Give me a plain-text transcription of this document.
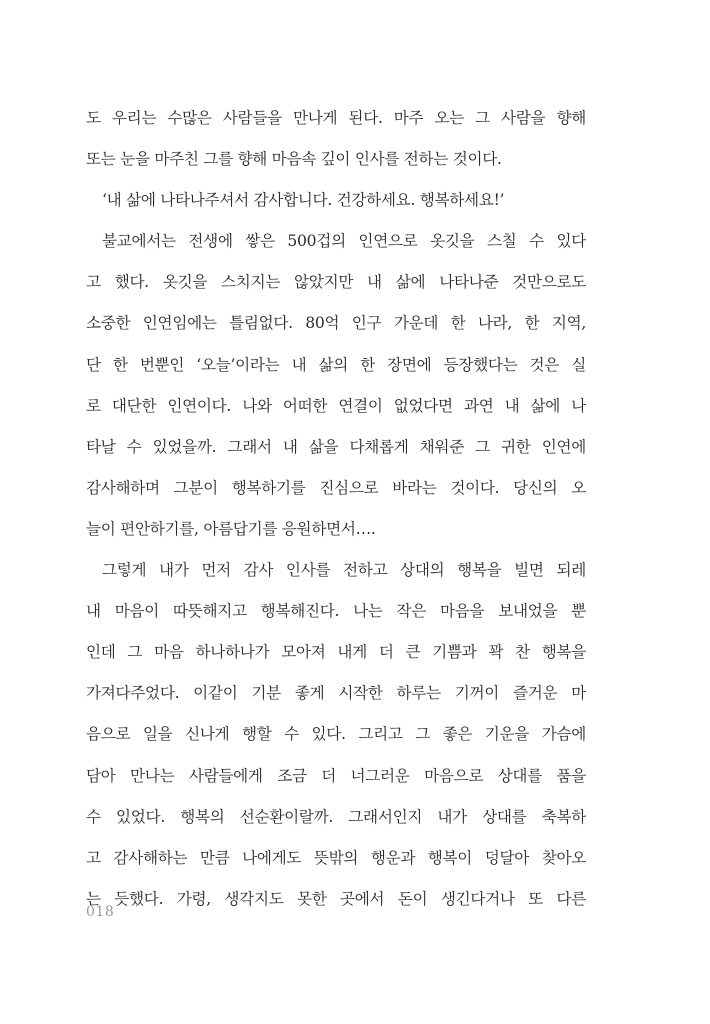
도 우리는 수많은 사람들을 만나게 된다. 마주 오는 그 사람을 향해
또는 눈을 마주친 그를 향해 마음속 깊이 인사를 전하는 것이다.
‘내 삶에 나타나주셔서 감사합니다. 건강하세요. 행복하세요!’
불교에서는 전생에 쌓은 500겁의 인연으로 옷깃을 스칠 수 있다
고 했다. 옷깃을 스치지는 않았지만 내 삶에 나타나준 것만으로도
소중한 인연임에는 틀림없다. 80억 인구 가운데 한 나라, 한 지역,
단 한 번뿐인 ‘오늘’이라는 내 삶의 한 장면에 등장했다는 것은 실
로 대단한 인연이다. 나와 어떠한 연결이 없었다면 과연 내 삶에 나
타날 수 있었을까. 그래서 내 삶을 다채롭게 채워준 그 귀한 인연에
감사해하며 그분이 행복하기를 진심으로 바라는 것이다. 당신의 오
늘이 편안하기를, 아름답기를 응원하면서….
그렇게 내가 먼저 감사 인사를 전하고 상대의 행복을 빌면 되레
내 마음이 따뜻해지고 행복해진다. 나는 작은 마음을 보내었을 뿐
인데 그 마음 하나하나가 모아져 내게 더 큰 기쁨과 꽉 찬 행복을
가져다주었다. 이같이 기분 좋게 시작한 하루는 기꺼이 즐거운 마
음으로 일을 신나게 행할 수 있다. 그리고 그 좋은 기운을 가슴에
담아 만나는 사람들에게 조금 더 너그러운 마음으로 상대를 품을
수 있었다. 행복의 선순환이랄까. 그래서인지 내가 상대를 축복하
고 감사해하는 만큼 나에게도 뜻밖의 행운과 행복이 덩달아 찾아오
는 듯했다. 가령, 생각지도 못한 곳에서 돈이 생긴다거나 또 다른
018
